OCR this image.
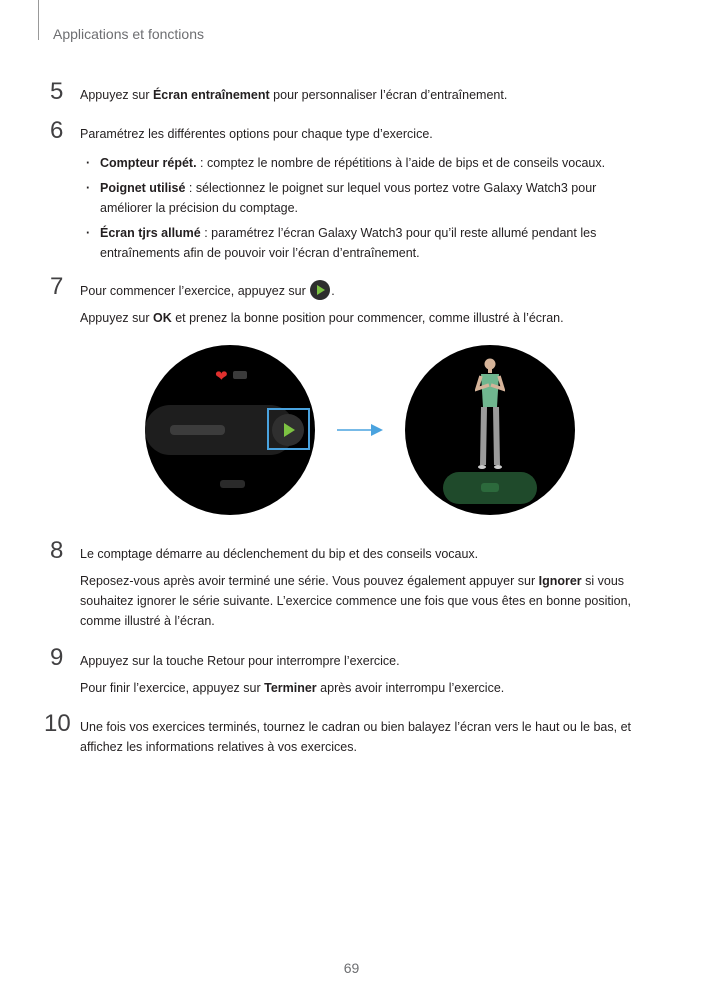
Applications et fonctions
5 Appuyez sur Écran entraînement pour personnaliser l’écran d’entraînement.

6 Paramétrez les différentes options pour chaque type d’exercice.

· Compteur répét. : comptez le nombre de répétitions à l’aide de bips et de conseils vocaux.
· Poignet utilisé : sélectionnez le poignet sur lequel vous portez votre Galaxy Watch3 pour améliorer la précision du comptage.
· Écran tjrs allumé : paramétrez l’écran Galaxy Watch3 pour qu’il reste allumé pendant les entraînements afin de pouvoir voir l’écran d’entraînement.
7 Pour commencer l’exercice, appuyez sur .

Appuyez sur OK et prenez la bonne position pour commencer, comme illustré à l’écran.

❤
8 Le comptage démarre au déclenchement du bip et des conseils vocaux.

Reposez-vous après avoir terminé une série. Vous pouvez également appuyer sur Ignorer si vous souhaitez ignorer le série suivante. L’exercice commence une fois que vous êtes en bonne position, comme illustré à l’écran.

9 Appuyez sur la touche Retour pour interrompre l’exercice.

Pour finir l’exercice, appuyez sur Terminer après avoir interrompu l’exercice.

10 Une fois vos exercices terminés, tournez le cadran ou bien balayez l’écran vers le haut ou le bas, et affichez les informations relatives à vos exercices.

69
